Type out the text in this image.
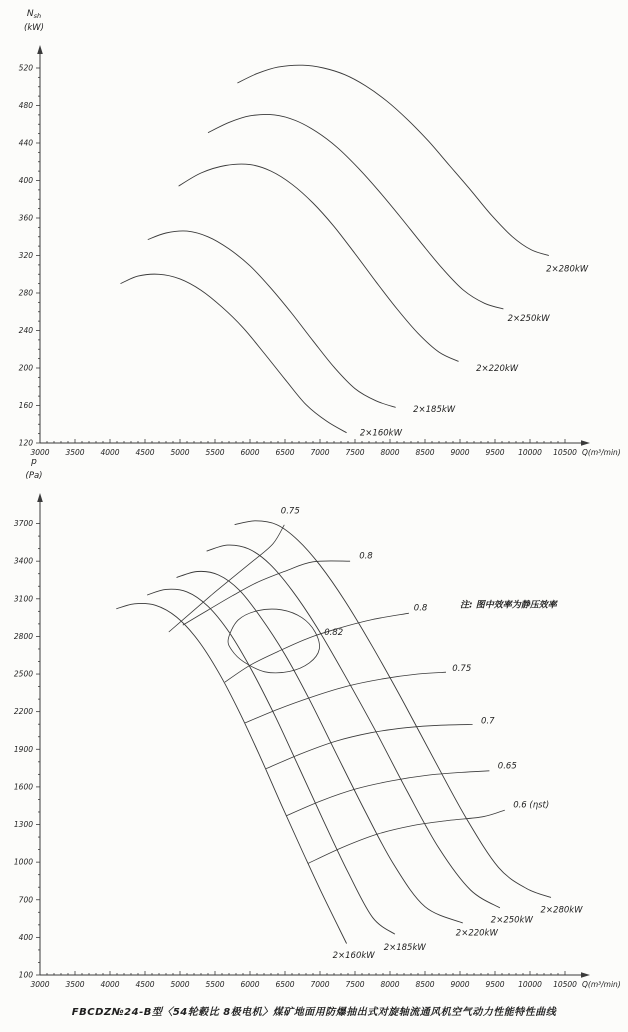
3000 3500 4000 4500 5000 5500 6000 6500 7000 7500 8000 8500 9000 9500 10000 10500 Q(m³/min)
120
160
200
240
280
320
360
400
440
480
520
$N_{sh}$
(kW)
2×160kW
2×185kW
2×220kW
2×250kW
2×280kW
3000 3500 4000 4500 5000 5500 6000 6500 7000 7500 8000 8500 9000 9500 10000 10500 Q(m³/min)
100
400
700
1000
1300
1600
1900
2200
2500
2800
3100
3400
3700
p
(Pa)
2×160kW
2×185kW
2×220kW
2×250kW
2×280kW
0.75
0.8
0.8
0.82
0.75
0.7
0.65
0.6 (ηst)
注: 图中效率为静压效率
FBCDZ№24-B型〈54轮毂比 8极电机〉煤矿地面用防爆抽出式对旋轴流通风机空气动力性能特性曲线
